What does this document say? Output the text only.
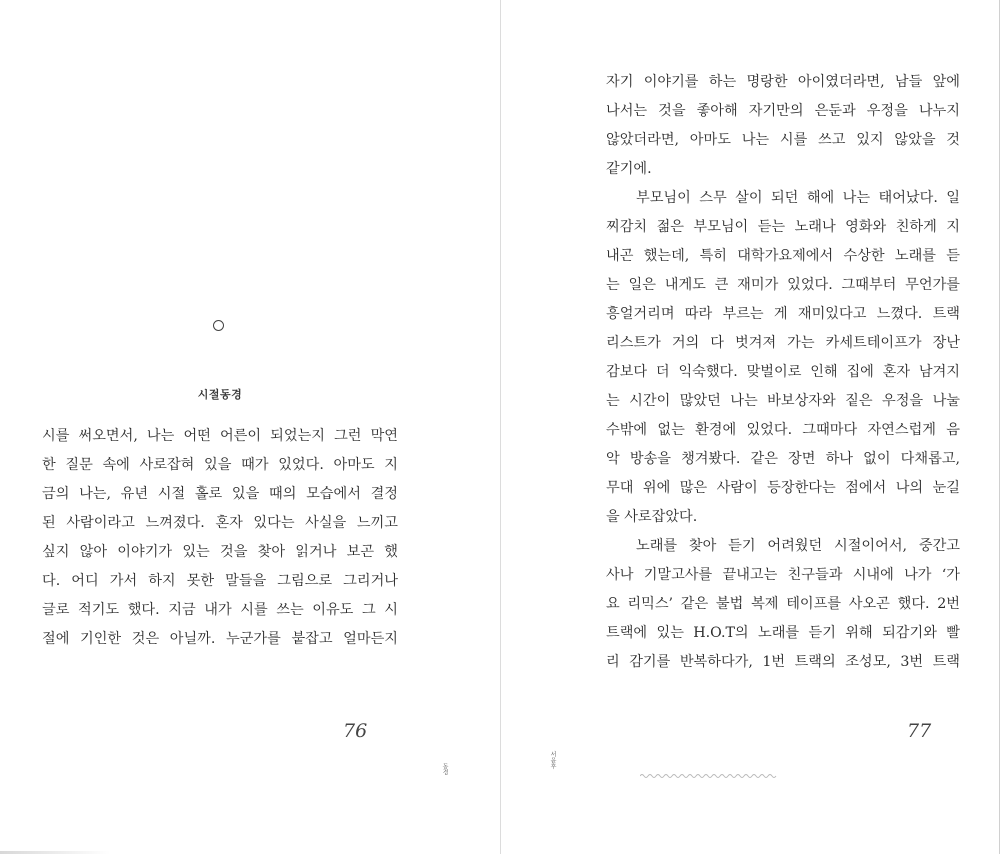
시절동경
시를 써오면서, 나는 어떤 어른이 되었는지 그런 막연
한 질문 속에 사로잡혀 있을 때가 있었다. 아마도 지
금의 나는, 유년 시절 홀로 있을 때의 모습에서 결정
된 사람이라고 느껴졌다. 혼자 있다는 사실을 느끼고
싶지 않아 이야기가 있는 것을 찾아 읽거나 보곤 했
다. 어디 가서 하지 못한 말들을 그림으로 그리거나
글로 적기도 했다. 지금 내가 시를 쓰는 이유도 그 시
절에 기인한 것은 아닐까. 누군가를 붙잡고 얼마든지
76
동경
자기 이야기를 하는 명랑한 아이였더라면, 남들 앞에
나서는 것을 좋아해 자기만의 은둔과 우정을 나누지
않았더라면, 아마도 나는 시를 쓰고 있지 않았을 것
같기에.
부모님이 스무 살이 되던 해에 나는 태어났다. 일
찌감치 젊은 부모님이 듣는 노래나 영화와 친하게 지
내곤 했는데, 특히 대학가요제에서 수상한 노래를 듣
는 일은 내게도 큰 재미가 있었다. 그때부터 무언가를
흥얼거리며 따라 부르는 게 재미있다고 느꼈다. 트랙
리스트가 거의 다 벗겨져 가는 카세트테이프가 장난
감보다 더 익숙했다. 맞벌이로 인해 집에 혼자 남겨지
는 시간이 많았던 나는 바보상자와 짙은 우정을 나눌
수밖에 없는 환경에 있었다. 그때마다 자연스럽게 음
악 방송을 챙겨봤다. 같은 장면 하나 없이 다채롭고,
무대 위에 많은 사람이 등장한다는 점에서 나의 눈길
을 사로잡았다.
노래를 찾아 듣기 어려웠던 시절이어서, 중간고
사나 기말고사를 끝내고는 친구들과 시내에 나가 ‘가
요 리믹스’ 같은 불법 복제 테이프를 사오곤 했다. 2번
트랙에 있는 H.O.T의 노래를 듣기 위해 되감기와 빨
리 감기를 반복하다가, 1번 트랙의 조성모, 3번 트랙
77
서윤후
